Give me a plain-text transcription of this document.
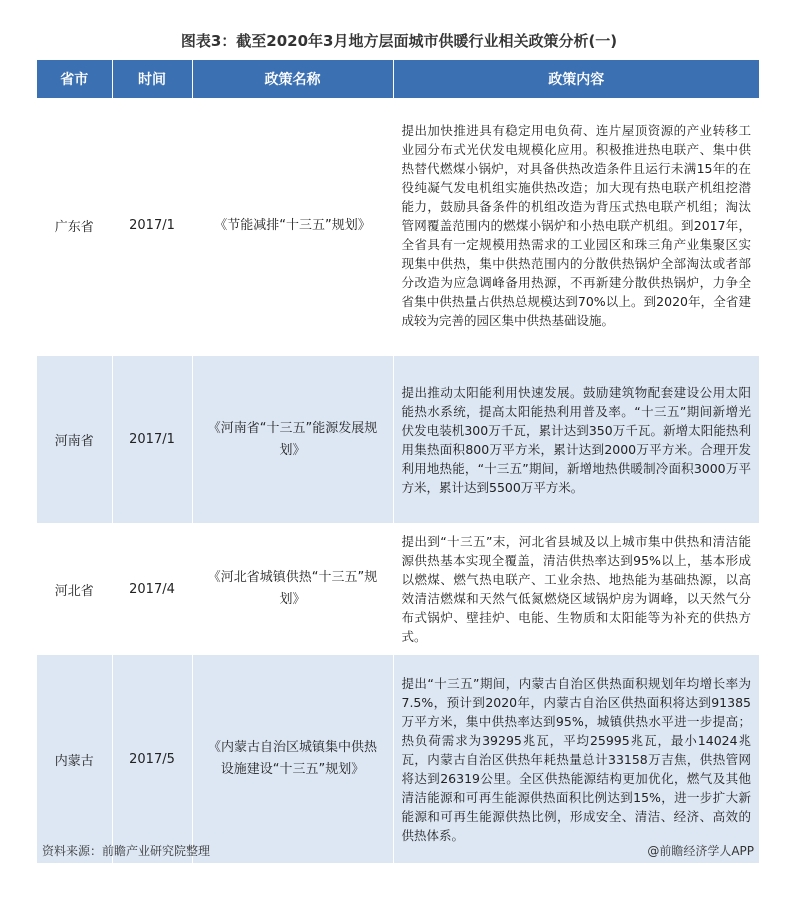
图表3：截至2020年3月地方层面城市供暖行业相关政策分析(一)
省市	时间	政策名称	政策内容
广东省	2017/1	《节能减排“十三五”规划》	提出加快推进具有稳定用电负荷、连片屋顶资源的产业转移工业园分布式光伏发电规模化应用。积极推进热电联产、集中供热替代燃煤小锅炉，对具备供热改造条件且运行未满15年的在役纯凝气发电机组实施供热改造；加大现有热电联产机组挖潜能力，鼓励具备条件的机组改造为背压式热电联产机组；淘汰管网覆盖范围内的燃煤小锅炉和小热电联产机组。到2017年，全省具有一定规模用热需求的工业园区和珠三角产业集聚区实现集中供热，集中供热范围内的分散供热锅炉全部淘汰或者部分改造为应急调峰备用热源，不再新建分散供热锅炉，力争全省集中供热量占供热总规模达到70%以上。到2020年，全省建成较为完善的园区集中供热基础设施。
河南省	2017/1	《河南省“十三五”能源发展规划》	提出推动太阳能利用快速发展。鼓励建筑物配套建设公用太阳能热水系统，提高太阳能热利用普及率。“十三五”期间新增光伏发电装机300万千瓦，累计达到350万千瓦。新增太阳能热利用集热面积800万平方米，累计达到2000万平方米。合理开发利用地热能，“十三五”期间，新增地热供暖制冷面积3000万平方米，累计达到5500万平方米。
河北省	2017/4	《河北省城镇供热“十三五”规划》	提出到“十三五”末，河北省县城及以上城市集中供热和清洁能源供热基本实现全覆盖，清洁供热率达到95%以上，基本形成以燃煤、燃气热电联产、工业余热、地热能为基础热源，以高效清洁燃煤和天然气低氮燃烧区域锅炉房为调峰，以天然气分布式锅炉、壁挂炉、电能、生物质和太阳能等为补充的供热方式。
内蒙古	2017/5	《内蒙古自治区城镇集中供热设施建设“十三五”规划》	提出“十三五”期间，内蒙古自治区供热面积规划年均增长率为7.5%，预计到2020年，内蒙古自治区供热面积将达到91385万平方米，集中供热率达到95%，城镇供热水平进一步提高；热负荷需求为39295兆瓦，平均25995兆瓦，最小14024兆瓦，内蒙古自治区供热年耗热量总计33158万吉焦，供热管网将达到26319公里。全区供热能源结构更加优化，燃气及其他清洁能源和可再生能源供热面积比例达到15%，进一步扩大新能源和可再生能源供热比例，形成安全、清洁、经济、高效的供热体系。
资料来源：前瞻产业研究院整理	@前瞻经济学人APP
